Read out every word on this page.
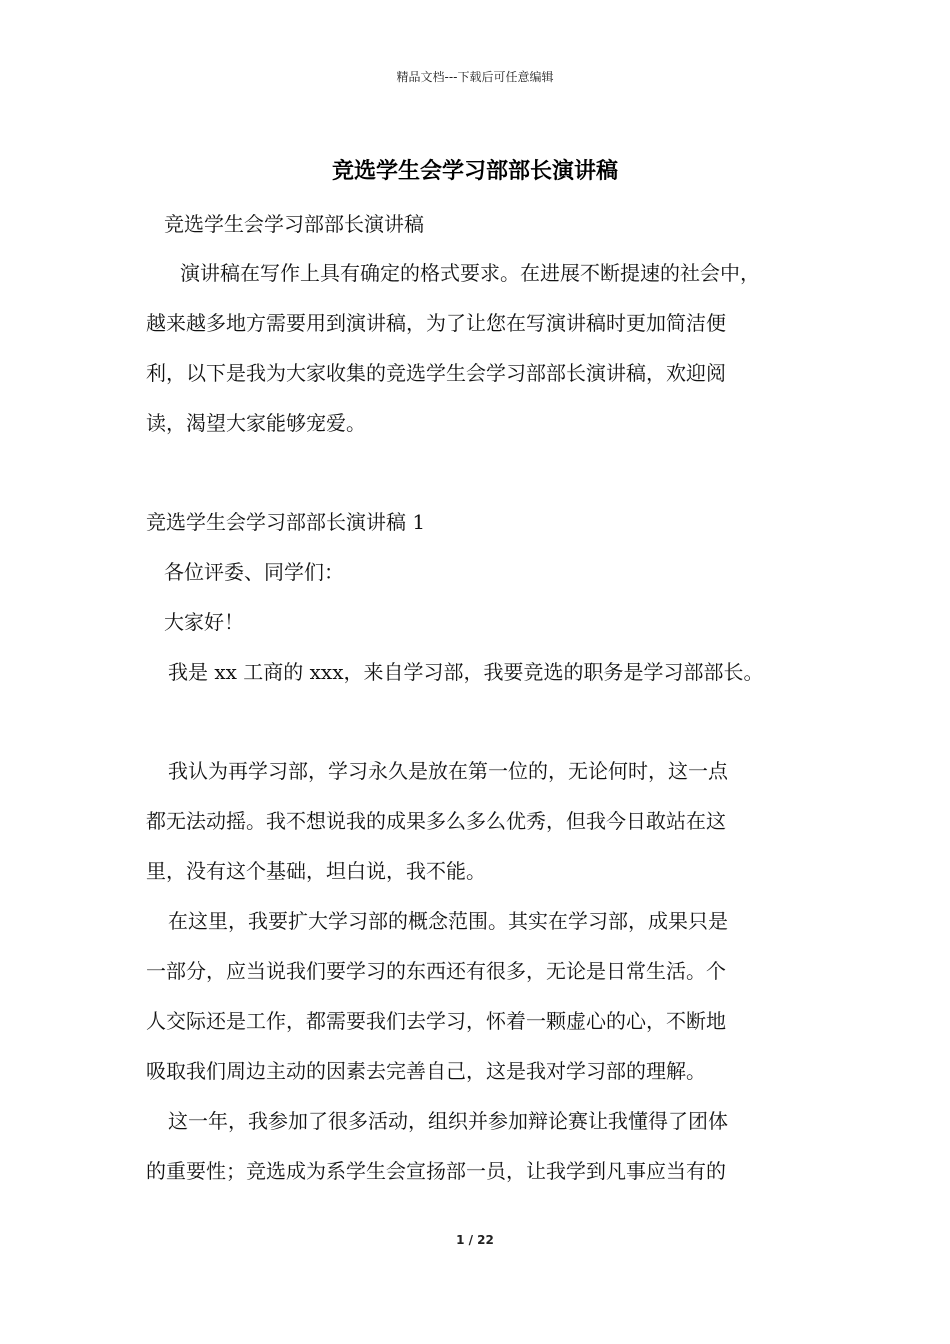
精品文档---下载后可任意编辑
竞选学生会学习部部长演讲稿
竞选学生会学习部部长演讲稿
演讲稿在写作上具有确定的格式要求。在进展不断提速的社会中，
越来越多地方需要用到演讲稿，为了让您在写演讲稿时更加简洁便
利，以下是我为大家收集的竞选学生会学习部部长演讲稿，欢迎阅
读，渴望大家能够宠爱。
竞选学生会学习部部长演讲稿 1
各位评委、同学们：
大家好！
我是 xx 工商的 xxx，来自学习部，我要竞选的职务是学习部部长。
我认为再学习部，学习永久是放在第一位的，无论何时，这一点
都无法动摇。我不想说我的成果多么多么优秀，但我今日敢站在这
里，没有这个基础，坦白说，我不能。
在这里，我要扩大学习部的概念范围。其实在学习部，成果只是
一部分，应当说我们要学习的东西还有很多，无论是日常生活。个
人交际还是工作，都需要我们去学习，怀着一颗虚心的心，不断地
吸取我们周边主动的因素去完善自己，这是我对学习部的理解。
这一年，我参加了很多活动，组织并参加辩论赛让我懂得了团体
的重要性；竞选成为系学生会宣扬部一员，让我学到凡事应当有的
1 / 22
